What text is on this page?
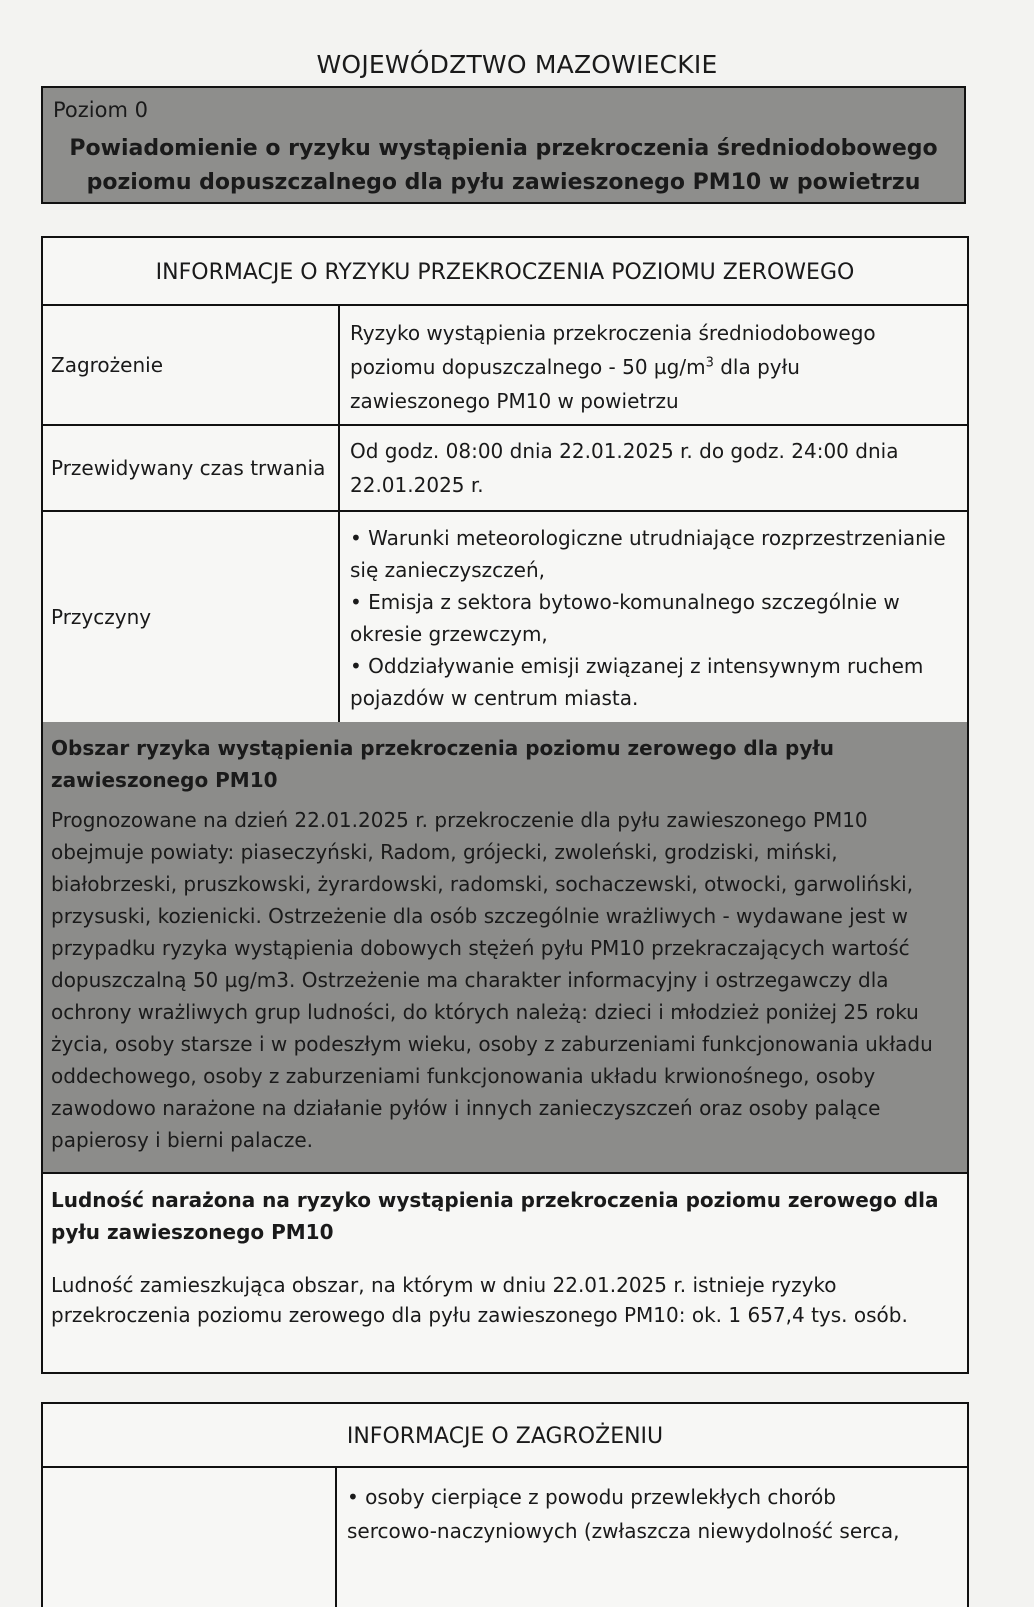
WOJEWÓDZTWO MAZOWIECKIE
Poziom 0
Powiadomienie o ryzyku wystąpienia przekroczenia średniodobowego
poziomu dopuszczalnego dla pyłu zawieszonego PM10 w powietrzu
INFORMACJE O RYZYKU PRZEKROCZENIA POZIOMU ZEROWEGO
Zagrożenie
Ryzyko wystąpienia przekroczenia średniodobowego
poziomu dopuszczalnego - 50 $\mu g/m^3$ dla pyłu
zawieszonego PM10 w powietrzu
Przewidywany czas trwania
Od godz. 08:00 dnia 22.01.2025 r. do godz. 24:00 dnia 22.01.2025 r.
Przyczyny
• Warunki meteorologiczne utrudniające rozprzestrzenianie się zanieczyszczeń,
• Emisja z sektora bytowo-komunalnego szczególnie w okresie grzewczym,
• Oddziaływanie emisji związanej z intensywnym ruchem pojazdów w centrum miasta.
Obszar ryzyka wystąpienia przekroczenia poziomu zerowego dla pyłu zawieszonego PM10
Prognozowane na dzień 22.01.2025 r. przekroczenie dla pyłu zawieszonego PM10 obejmuje powiaty: piaseczyński, Radom, grójecki, zwoleński, grodziski, miński, białobrzeski, pruszkowski, żyrardowski, radomski, sochaczewski, otwocki, garwoliński, przysuski, kozienicki. Ostrzeżenie dla osób szczególnie wrażliwych - wydawane jest w przypadku ryzyka wystąpienia dobowych stężeń pyłu PM10 przekraczających wartość dopuszczalną 50 µg/m3. Ostrzeżenie ma charakter informacyjny i ostrzegawczy dla ochrony wrażliwych grup ludności, do których należą: dzieci i młodzież poniżej 25 roku życia, osoby starsze i w podeszłym wieku, osoby z zaburzeniami funkcjonowania układu oddechowego, osoby z zaburzeniami funkcjonowania układu krwionośnego, osoby zawodowo narażone na działanie pyłów i innych zanieczyszczeń oraz osoby palące papierosy i bierni palacze.
Ludność narażona na ryzyko wystąpienia przekroczenia poziomu zerowego dla pyłu zawieszonego PM10
Ludność zamieszkująca obszar, na którym w dniu 22.01.2025 r. istnieje ryzyko przekroczenia poziomu zerowego dla pyłu zawieszonego PM10: ok. 1 657,4 tys. osób.
INFORMACJE O ZAGROŻENIU
• osoby cierpiące z powodu przewlekłych chorób
sercowo-naczyniowych (zwłaszcza niewydolność serca,
